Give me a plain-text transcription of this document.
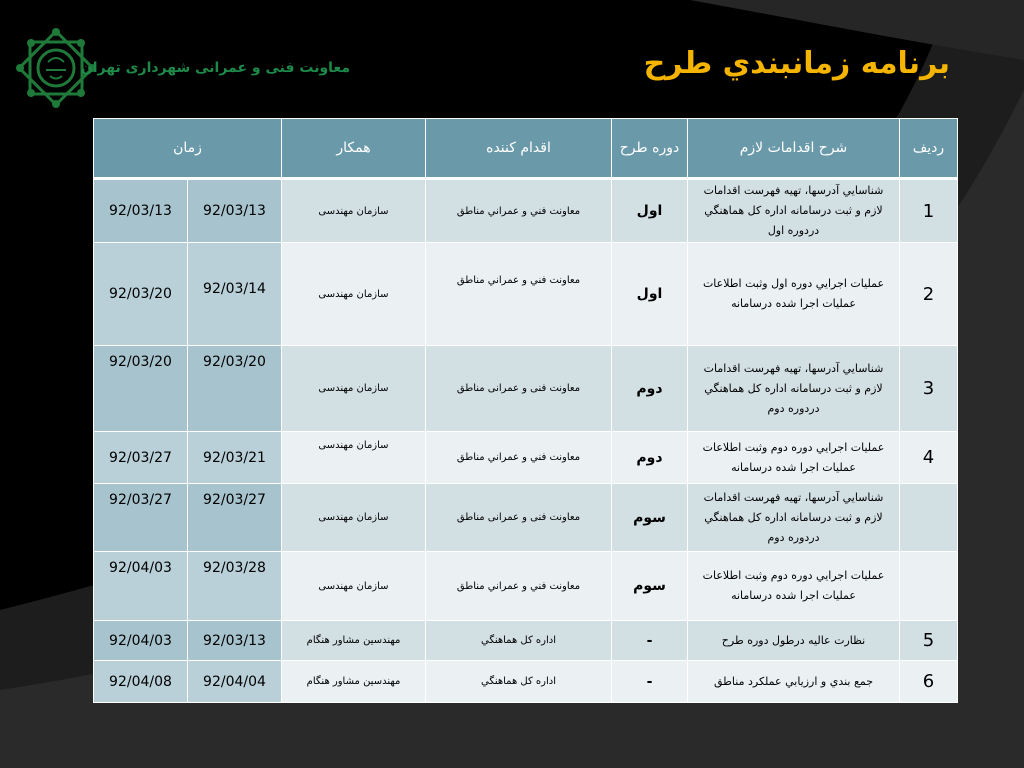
معاونت فنی و عمرانی شهرداری تهران	برنامه زمانبندي طرح
رديف	شرح اقدامات لازم	دوره طرح	اقدام کننده	همکار	زمان	
1	شناسايي آدرسها، تهيه فهرست اقدامات لازم و ثبت درسامانه اداره کل هماهنگي دردوره اول	اول	معاونت فني و عمراني مناطق	سازمان مهندسی	92/03/13	92/03/13
2	عمليات اجرايي دوره اول وثبت اطلاعات عمليات اجرا شده درسامانه	اول	معاونت فني و عمراني مناطق	سازمان مهندسی	92/03/14	92/03/20
3	شناسايي آدرسها، تهيه فهرست اقدامات لازم و ثبت درسامانه اداره کل هماهنگي دردوره دوم	دوم	معاونت فنی و عمرانی مناطق	سازمان مهندسی	92/03/20	92/03/20
4	عمليات اجرايي دوره دوم وثبت اطلاعات عمليات اجرا شده درسامانه	دوم	معاونت فني و عمراني مناطق	سازمان مهندسی	92/03/21	92/03/27
	شناسايي آدرسها، تهيه فهرست اقدامات لازم و ثبت درسامانه اداره کل هماهنگي دردوره دوم	سوم	معاونت فنی و عمرانی مناطق	سازمان مهندسی	92/03/27	92/03/27
	عمليات اجرايي دوره دوم وثبت اطلاعات عمليات اجرا شده درسامانه	سوم	معاونت فني و عمراني مناطق	سازمان مهندسی	92/03/28	92/04/03
5	نظارت عاليه درطول دوره طرح	-	اداره کل هماهنگي	مهندسين مشاور هنگام	92/03/13	92/04/03
6	جمع بندي و ارزيابي عملکرد مناطق	-	اداره کل هماهنگي	مهندسين مشاور هنگام	92/04/04	92/04/08
